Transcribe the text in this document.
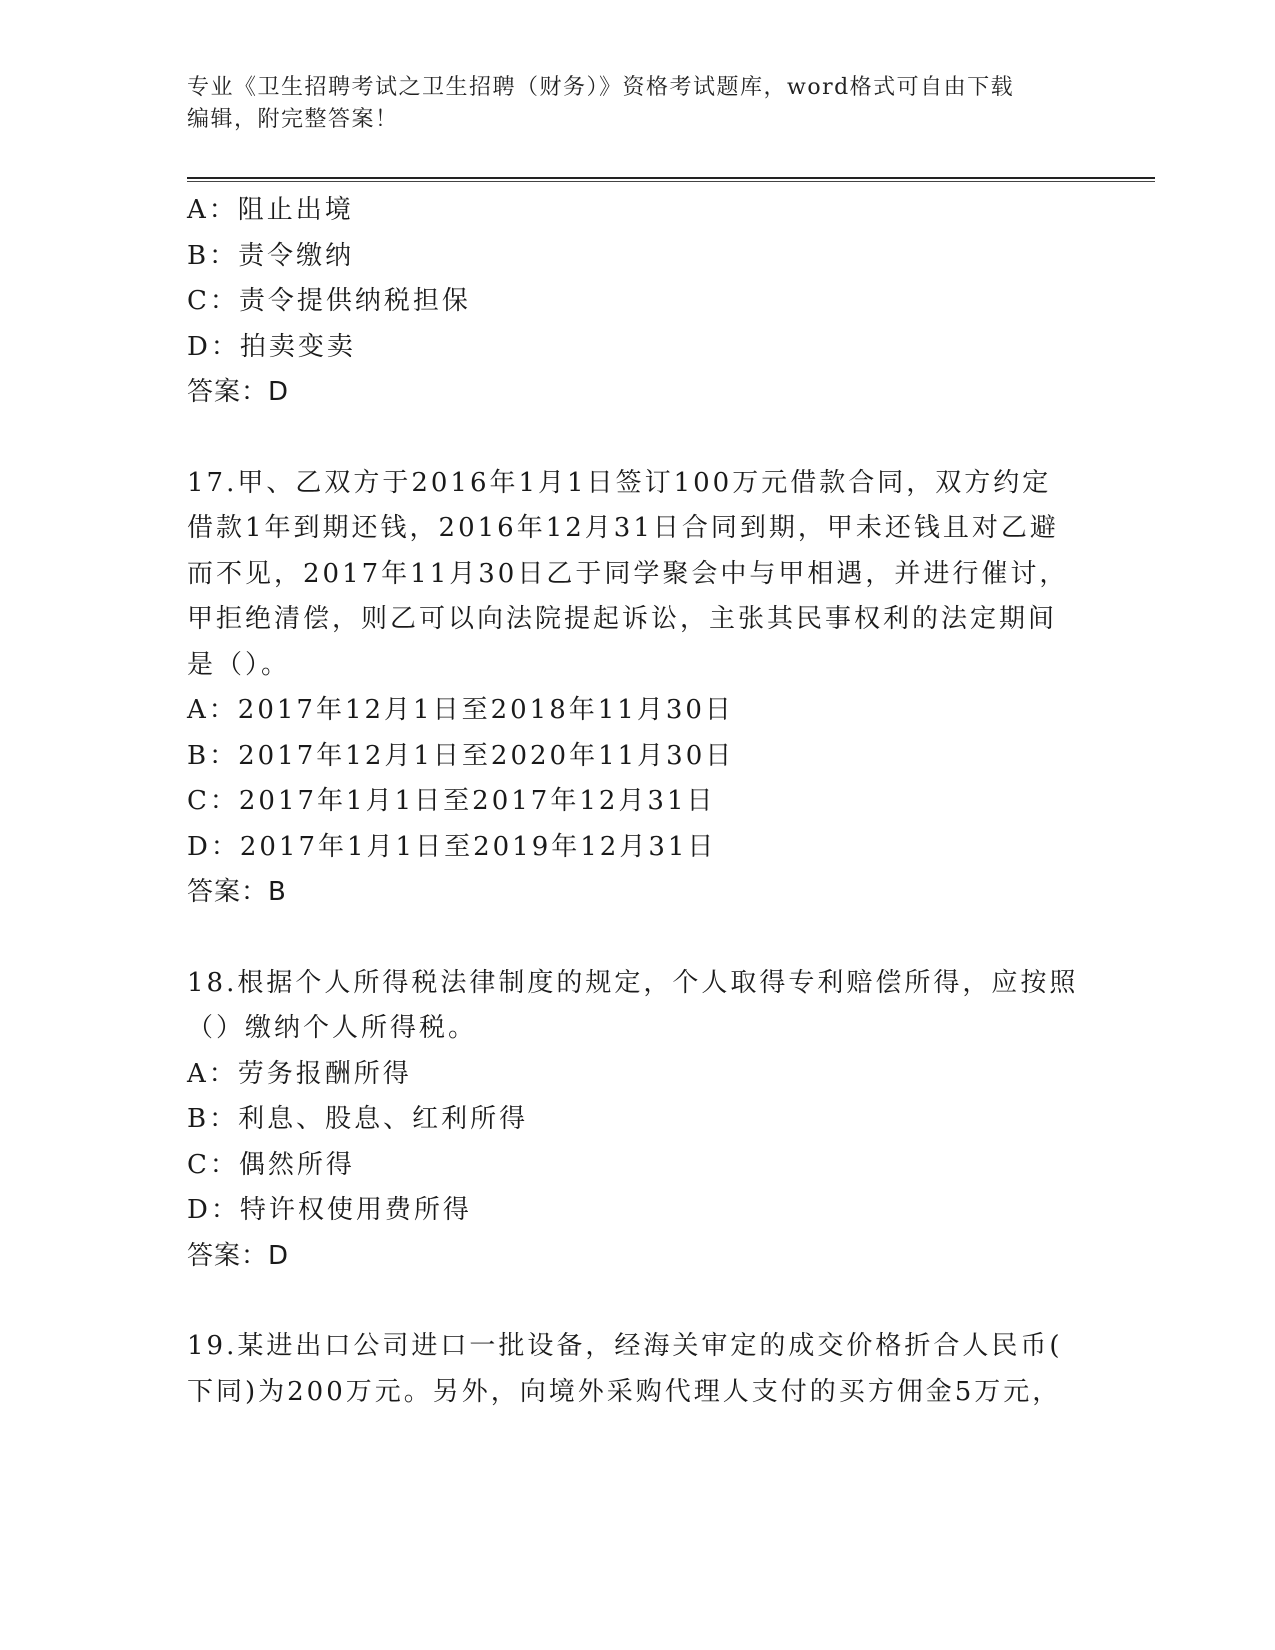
专业《卫生招聘考试之卫生招聘（财务）》资格考试题库，word格式可自由下载
编辑，附完整答案！
A：阻止出境
B：责令缴纳
C：责令提供纳税担保
D：拍卖变卖
答案：D
17.甲、乙双方于2016年1月1日签订100万元借款合同，双方约定
借款1年到期还钱，2016年12月31日合同到期，甲未还钱且对乙避
而不见，2017年11月30日乙于同学聚会中与甲相遇，并进行催讨，
甲拒绝清偿，则乙可以向法院提起诉讼，主张其民事权利的法定期间
是（）。
A：2017年12月1日至2018年11月30日
B：2017年12月1日至2020年11月30日
C：2017年1月1日至2017年12月31日
D：2017年1月1日至2019年12月31日
答案：B
18.根据个人所得税法律制度的规定，个人取得专利赔偿所得，应按照
（）缴纳个人所得税。
A：劳务报酬所得
B：利息、股息、红利所得
C：偶然所得
D：特许权使用费所得
答案：D
19.某进出口公司进口一批设备，经海关审定的成交价格折合人民币(
下同)为200万元。另外，向境外采购代理人支付的买方佣金5万元，
